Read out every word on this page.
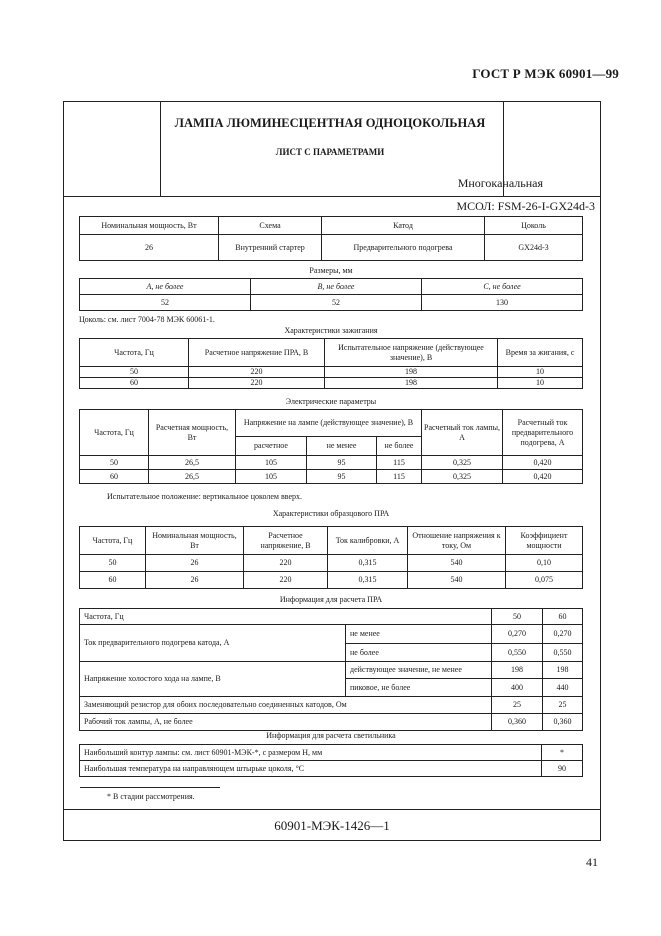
ГОСТ Р МЭК 60901—99
ЛАМПА ЛЮМИНЕСЦЕНТНАЯ ОДНОЦОКОЛЬНАЯ
ЛИСТ С ПАРАМЕТРАМИ
Многоканальная
МСОЛ: FSM-26-I-GX24d-3
Номинальная мощность, Вт	Схема	Катод	Цоколь
26	Внутренний стартер	Предварительного подогрева	GX24d-3
Размеры, мм
А, не более	В, не более	С, не более
52	52	130
Цоколь: см. лист 7004-78 МЭК 60061-1.
Характеристики зажигания
Частота, Гц	Расчетное напряжение ПРА, В	Испытательное напряжение (действующее значение), В	Время за жигания, с
50	220	198	10
60	220	198	10
Электрические параметры
Частота, Гц	Расчетная мощность, Вт	Напряжение на лампе (действующее значение), В			Расчетный ток лампы, А	Расчетный ток предварительного подогрева, А
		расчетное	не менее	не более		
50	26,5	105	95	115	0,325	0,420
60	26,5	105	95	115	0,325	0,420
Испытательное положение: вертикальное цоколем вверх.
Характеристики образцового ПРА
Частота, Гц	Номинальная мощность, Вт	Расчетное напряжение, В	Ток калибровки, А	Отношение напряжения к току, Ом	Коэффициент мощности
50	26	220	0,315	540	0,10
60	26	220	0,315	540	0,075
Информация для расчета ПРА
Частота, Гц		50	60
Ток предварительного подогрева катода, А	не менее	0,270	0,270
	не более	0,550	0,550
Напряжение холостого хода на лампе, В	действующее значение, не менее	198	198
	пиковое, не более	400	440
Заменяющий резистор для обоих последовательно соединенных катодов, Ом		25	25
Рабочий ток лампы, А, не более		0,360	0,360
Информация для расчета светильника
Наибольший контур лампы: см. лист 60901-МЭК-*, с размером Н, мм	*
Наибольшая температура на направляющем штырьке цоколя, °С	90
* В стадии рассмотрения.
60901-МЭК-1426—1
41
